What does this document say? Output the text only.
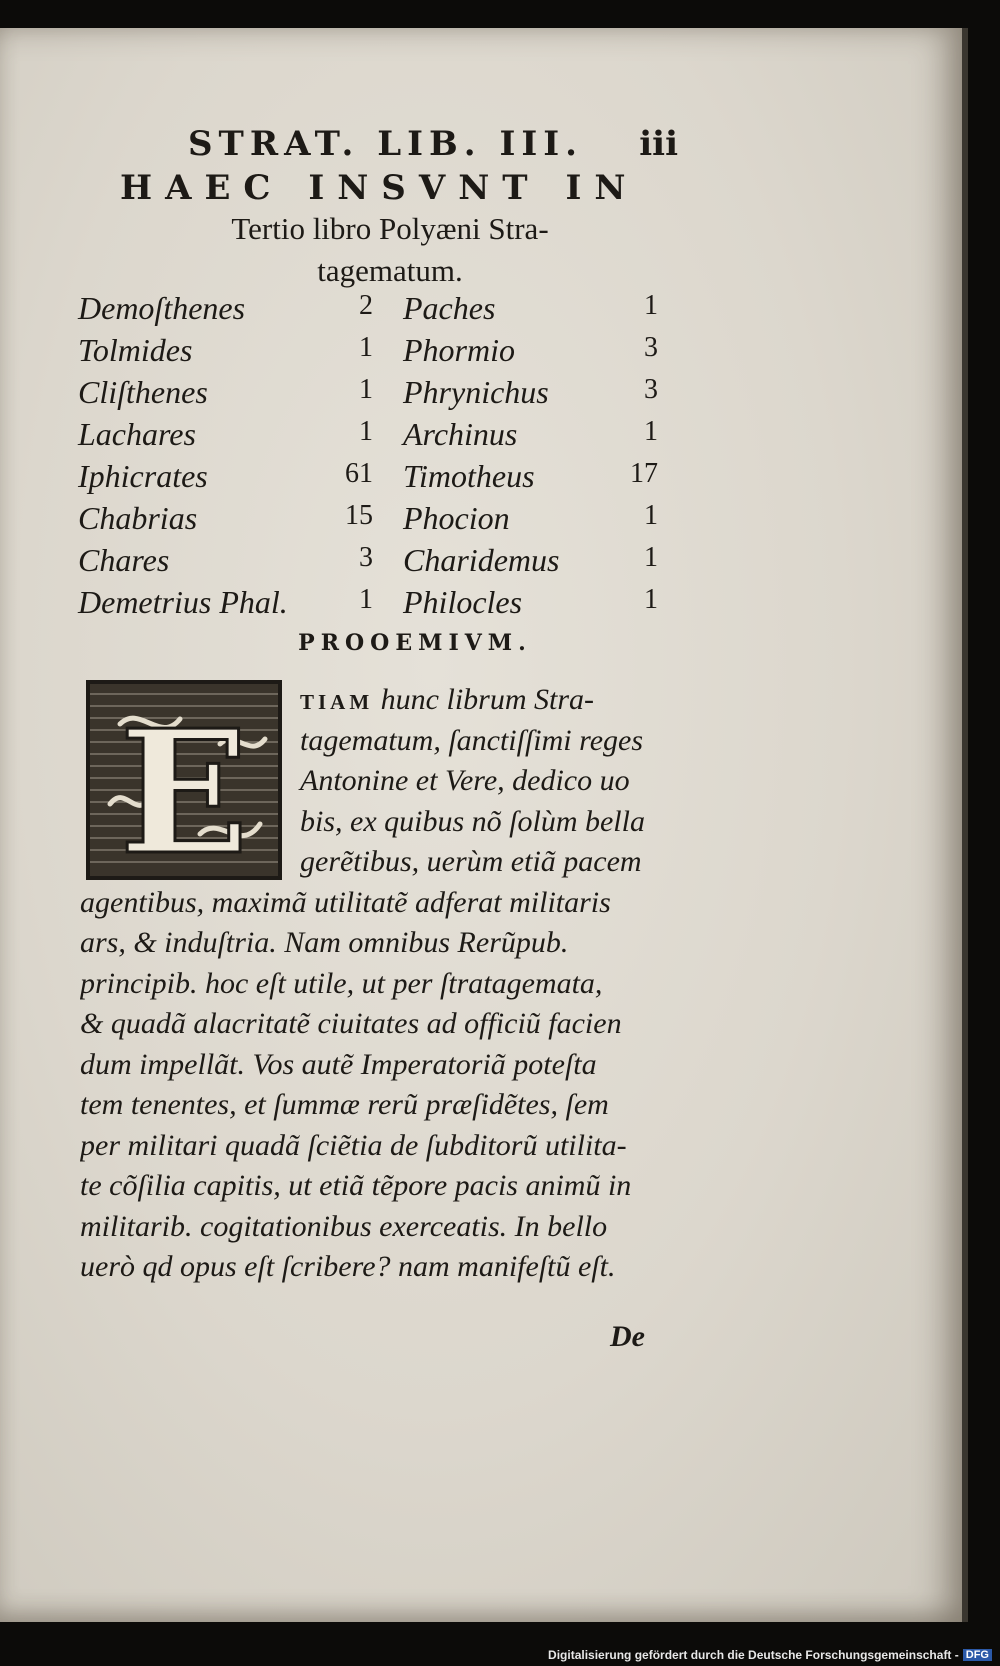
STRAT. LIB. III. iii
HAEC INSVNT IN
Tertio libro Polyæni Stra-
tagematum.
Demoſthenes	2 Paches	1
Tolmides	1 Phormio	3
Cliſthenes	1 Phrynichus	3
Lachares	1 Archinus	1
Iphicrates	61 Timotheus	17
Chabrias	15 Phocion	1
Chares	3 Charidemus	1
Demetrius Phal.	1 Philocles	1
PROOEMIVM.
E	TIAM hunc librum Stra-
tagematum, ſanctiſſimi reges
Antonine et Vere, dedico uo
bis, ex quibus nõ ſolùm bella
gerẽtibus, uerùm etiã pacem
agentibus, maximã utilitatẽ adferat militaris
ars, & induſtria. Nam omnibus Rerũpub.
principib. hoc eſt utile, ut per ſtratagemata,
& quadã alacritatẽ ciuitates ad officiũ facien
dum impellãt. Vos autẽ Imperatoriã poteſta
tem tenentes, et ſummæ rerũ præſidẽtes, ſem
per militari quadã ſciẽtia de ſubditorũ utilita-
te cõſilia capitis, ut etiã tẽpore pacis animũ in
militarib. cogitationibus exerceatis. In bello
uerò qd opus eſt ſcribere? nam manifeſtũ eſt.
De
Digitalisierung gefördert durch die Deutsche Forschungsgemeinschaft - DFG
